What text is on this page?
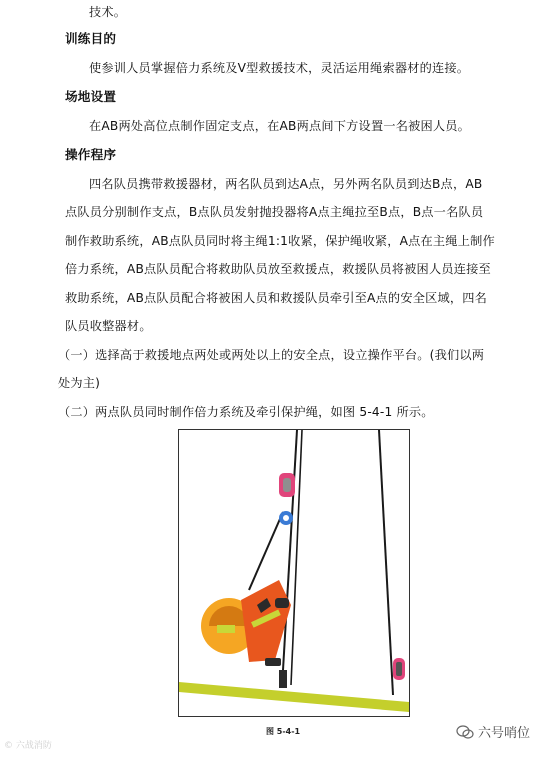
技术。
训练目的
使参训人员掌握倍力系统及V型救援技术，灵活运用绳索器材的连接。
场地设置
在AB两处高位点制作固定支点，在AB两点间下方设置一名被困人员。
操作程序
四名队员携带救援器材，两名队员到达A点，另外两名队员到达B点，AB
点队员分别制作支点，B点队员发射抛投器将A点主绳拉至B点，B点一名队员
制作救助系统，AB点队员同时将主绳1:1收紧，保护绳收紧，A点在主绳上制作
倍力系统，AB点队员配合将救助队员放至救援点，救援队员将被困人员连接至
救助系统，AB点队员配合将被困人员和救援队员牵引至A点的安全区域，四名
队员收整器材。
（一）选择高于救援地点两处或两处以上的安全点，设立操作平台。(我们以两
处为主)
（二）两点队员同时制作倍力系统及牵引保护绳，如图 5-4-1 所示。
图 5-4-1
© 六战消防
六号哨位
